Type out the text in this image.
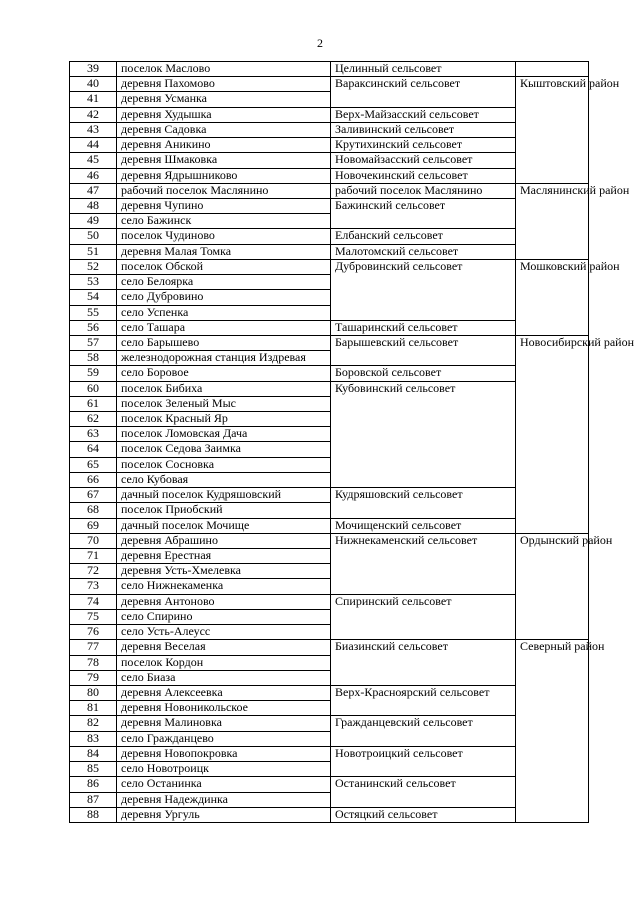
2
39	поселок Маслово	Целинный сельсовет	
40	деревня Пахомово	Вараксинский сельсовет	Кыштовский район
41	деревня Усманка		
42	деревня Худышка	Верх-Майзасский сельсовет	
43	деревня Садовка	Заливинский сельсовет	
44	деревня Аникино	Крутихинский сельсовет	
45	деревня Шмаковка	Новомайзасский сельсовет	
46	деревня Ядрышниково	Новочекинский сельсовет	
47	рабочий поселок Маслянино	рабочий поселок Маслянино	Маслянинский район
48	деревня Чупино	Бажинский сельсовет	
49	село Бажинск		
50	поселок Чудиново	Елбанский сельсовет	
51	деревня Малая Томка	Малотомский сельсовет	
52	поселок Обской	Дубровинский сельсовет	Мошковский район
53	село Белоярка		
54	село Дубровино		
55	село Успенка		
56	село Ташара	Ташаринский сельсовет	
57	село Барышево	Барышевский сельсовет	Новосибирский район
58	железнодорожная станция Издревая		
59	село Боровое	Боровской сельсовет	
60	поселок Бибиха	Кубовинский сельсовет	
61	поселок Зеленый Мыс		
62	поселок Красный Яр		
63	поселок Ломовская Дача		
64	поселок Седова Заимка		
65	поселок Сосновка		
66	село Кубовая		
67	дачный поселок Кудряшовский	Кудряшовский сельсовет	
68	поселок Приобский		
69	дачный поселок Мочище	Мочищенский сельсовет	
70	деревня Абрашино	Нижнекаменский сельсовет	Ордынский район
71	деревня Ерестная		
72	деревня Усть-Хмелевка		
73	село Нижнекаменка		
74	деревня Антоново	Спиринский сельсовет	
75	село Спирино		
76	село Усть-Алеусс		
77	деревня Веселая	Биазинский сельсовет	Северный район
78	поселок Кордон		
79	село Биаза		
80	деревня Алексеевка	Верх-Красноярский сельсовет	
81	деревня Новоникольское		
82	деревня Малиновка	Гражданцевский сельсовет	
83	село Гражданцево		
84	деревня Новопокровка	Новотроицкий сельсовет	
85	село Новотроицк		
86	село Останинка	Останинский сельсовет	
87	деревня Надеждинка		
88	деревня Ургуль	Остяцкий сельсовет	
